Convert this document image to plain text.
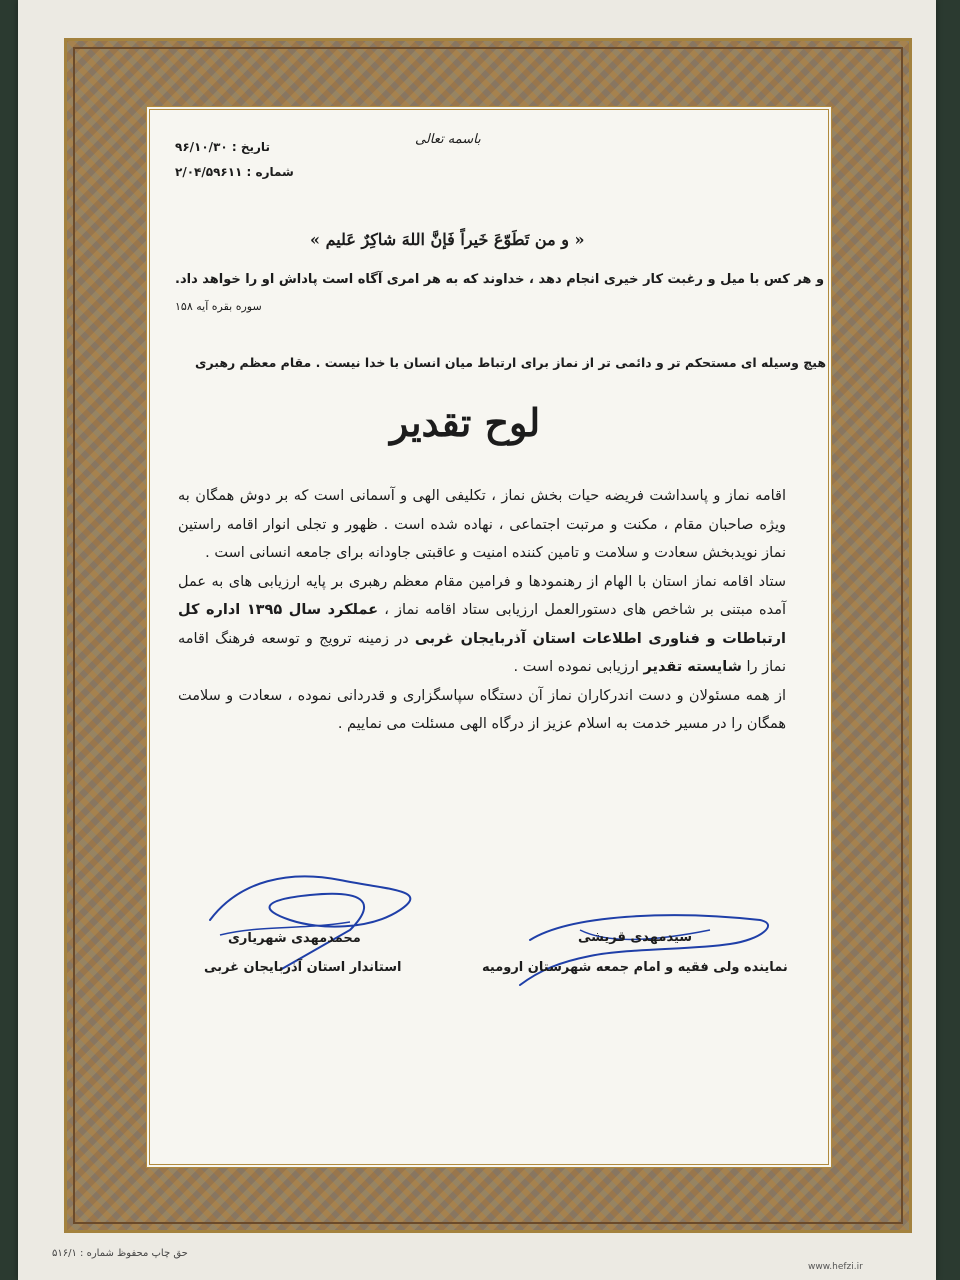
باسمه تعالی
تاریخ : ۹۶/۱۰/۳۰
شماره : ۲/۰۴/۵۹۶۱۱
« و من تَطَوّعَ خَیراً فَإنَّ اللهَ شاکِرٌ عَلیم »
و هر کس با میل و رغبت کار خیری انجام دهد ، خداوند که به هر امری آگاه است پاداش او را خواهد داد.
سوره بقره آیه ۱۵۸
هیچ وسیله ای مستحکم تر و دائمی تر از نماز برای ارتباط میان انسان با خدا نیست . مقام معظم رهبری
لوح تقدیر

اقامه نماز و پاسداشت فریضه حیات بخش نماز ، تکلیفی الهی و آسمانی است که بر دوش همگان به ویژه صاحبان مقام ، مکنت و مرتبت اجتماعی ، نهاده شده است . ظهور و تجلی انوار اقامه راستین نماز نویدبخش سعادت و سلامت و تامین کننده امنیت و عاقبتی جاودانه برای جامعه انسانی است .

ستاد اقامه نماز استان با الهام از رهنمودها و فرامین مقام معظم رهبری بر پایه ارزیابی های به عمل آمده مبتنی بر شاخص های دستورالعمل ارزیابی ستاد اقامه نماز ، عملکرد سال ۱۳۹۵ اداره کل ارتباطات و فناوری اطلاعات استان آذربایجان غربی در زمینه ترویج و توسعه فرهنگ اقامه نماز را شایسته تقدیر ارزیابی نموده است .

از همه مسئولان و دست اندرکاران نماز آن دستگاه سپاسگزاری و قدردانی نموده ، سعادت و سلامت همگان را در مسیر خدمت به اسلام عزیز از درگاه الهی مسئلت می نماییم .

محمدمهدی شهریاری
استاندار استان آذربایجان غربی
سیدمهدی قریشی
نماینده ولی فقیه و امام جمعه شهرستان ارومیه
حق چاپ محفوظ شماره : ۵۱۶/۱
www.hefzi.ir
